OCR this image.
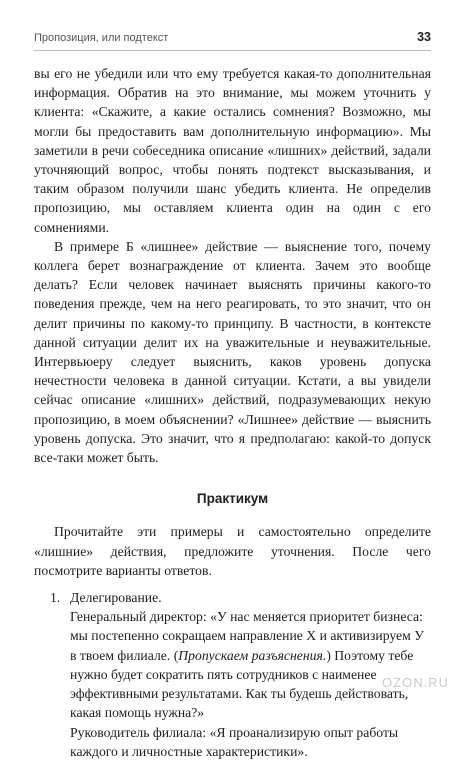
Пропозиция, или подтекст	33

вы его не убедили или что ему требуется какая-то дополнительная информация. Обратив на это внимание, мы можем уточнить у клиента: «Скажите, а какие остались сомнения? Возможно, мы могли бы предоставить вам дополнительную информацию». Мы заметили в речи собеседника описание «лишних» действий, задали уточняющий вопрос, чтобы понять подтекст высказывания, и таким образом получили шанс убедить клиента. Не определив пропозицию, мы оставляем клиента один на один с его сомнениями.

В примере Б «лишнее» действие — выяснение того, почему коллега берет вознаграждение от клиента. Зачем это вообще делать? Если человек начинает выяснять причины какого-то поведения прежде, чем на него реагировать, то это значит, что он делит причины по какому-то принципу. В частности, в контексте данной ситуации делит их на уважительные и неуважительные. Интервьюеру следует выяснить, каков уровень допуска нечестности человека в данной ситуации. Кстати, а вы увидели сейчас описание «лишних» действий, подразумевающих некую пропозицию, в моем объяснении? «Лишнее» действие — выяснить уровень допуска. Это значит, что я предполагаю: какой-то допуск все-таки может быть.

Практикум

Прочитайте эти примеры и самостоятельно определите «лишние» действия, предложите уточнения. После чего посмотрите варианты ответов.

1. Делегирование.

Генеральный директор: «У нас меняется приоритет бизнеса: мы постепенно сокращаем направление Х и активизируем У в твоем филиале. (Пропускаем разъяснения.) Поэтому тебе нужно будет сократить пять сотрудников с наименее эффективными результатами. Как ты будешь действовать, какая помощь нужна?»

Руководитель филиала: «Я проанализирую опыт работы каждого и личностные характеристики».

OZON.RU
